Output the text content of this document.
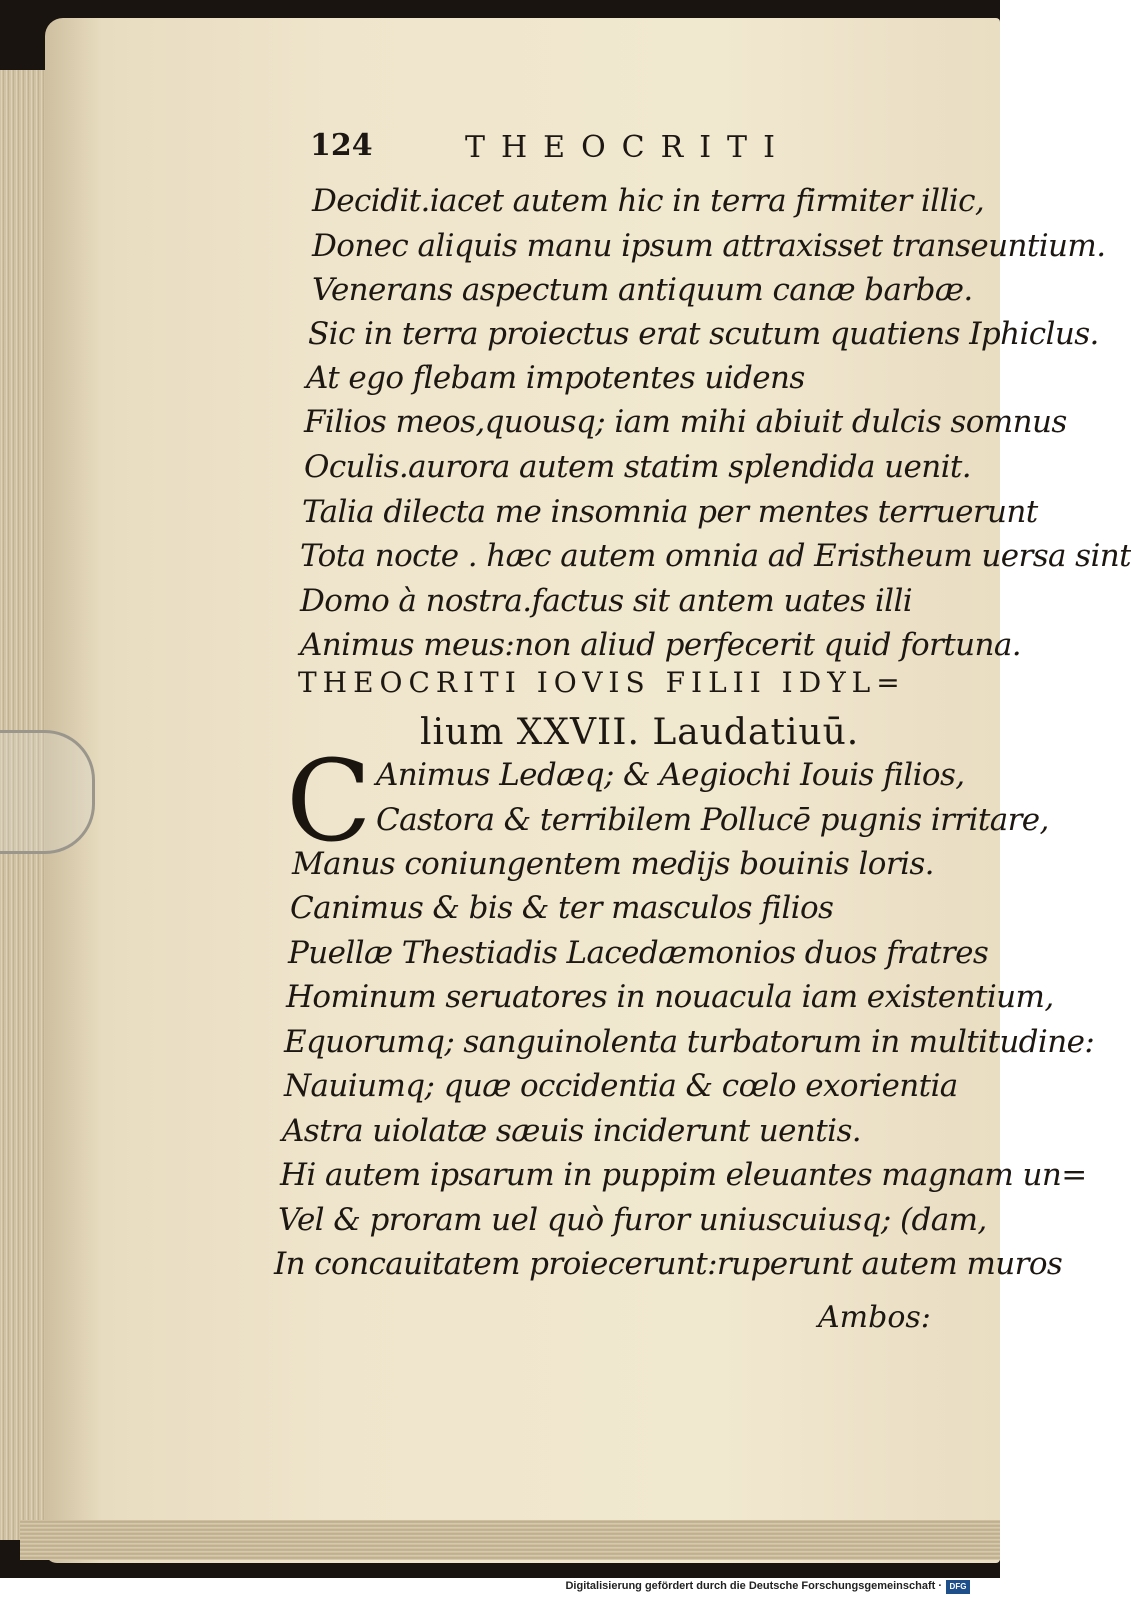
124	THEOCRITI
Decidit.iacet autem hic in terra firmiter illic,
Donec aliquis manu ipsum attraxisset transeuntium.
Venerans aspectum antiquum canæ barbæ.
Sic in terra proiectus erat scutum quatiens Iphiclus.
At ego flebam impotentes uidens
Filios meos,quousq; iam mihi abiuit dulcis somnus
Oculis.aurora autem statim splendida uenit.
Talia dilecta me insomnia per mentes terruerunt
Tota nocte . hæc autem omnia ad Eristheum uersa sint
Domo à nostra.factus sit antem uates illi
Animus meus:non aliud perfecerit quid fortuna.
THEOCRITI IOVIS FILII IDYL=
lium XXVII. Laudatiuū.
C Animus Ledæq; & Aegiochi Iouis filios,
Castora & terribilem Pollucē pugnis irritare,
Manus coniungentem medijs bouinis loris.
Canimus & bis & ter masculos filios
Puellæ Thestiadis Lacedæmonios duos fratres
Hominum seruatores in nouacula iam existentium,
Equorumq; sanguinolenta turbatorum in multitudine:
Nauiumq; quæ occidentia & cœlo exorientia
Astra uiolatæ sæuis inciderunt uentis.
Hi autem ipsarum in puppim eleuantes magnam un=
Vel & proram uel quò furor uniuscuiusq; (dam,
In concauitatem proiecerunt:ruperunt autem muros
Ambos:
Digitalisierung gefördert durch die Deutsche Forschungsgemeinschaft · DFG
